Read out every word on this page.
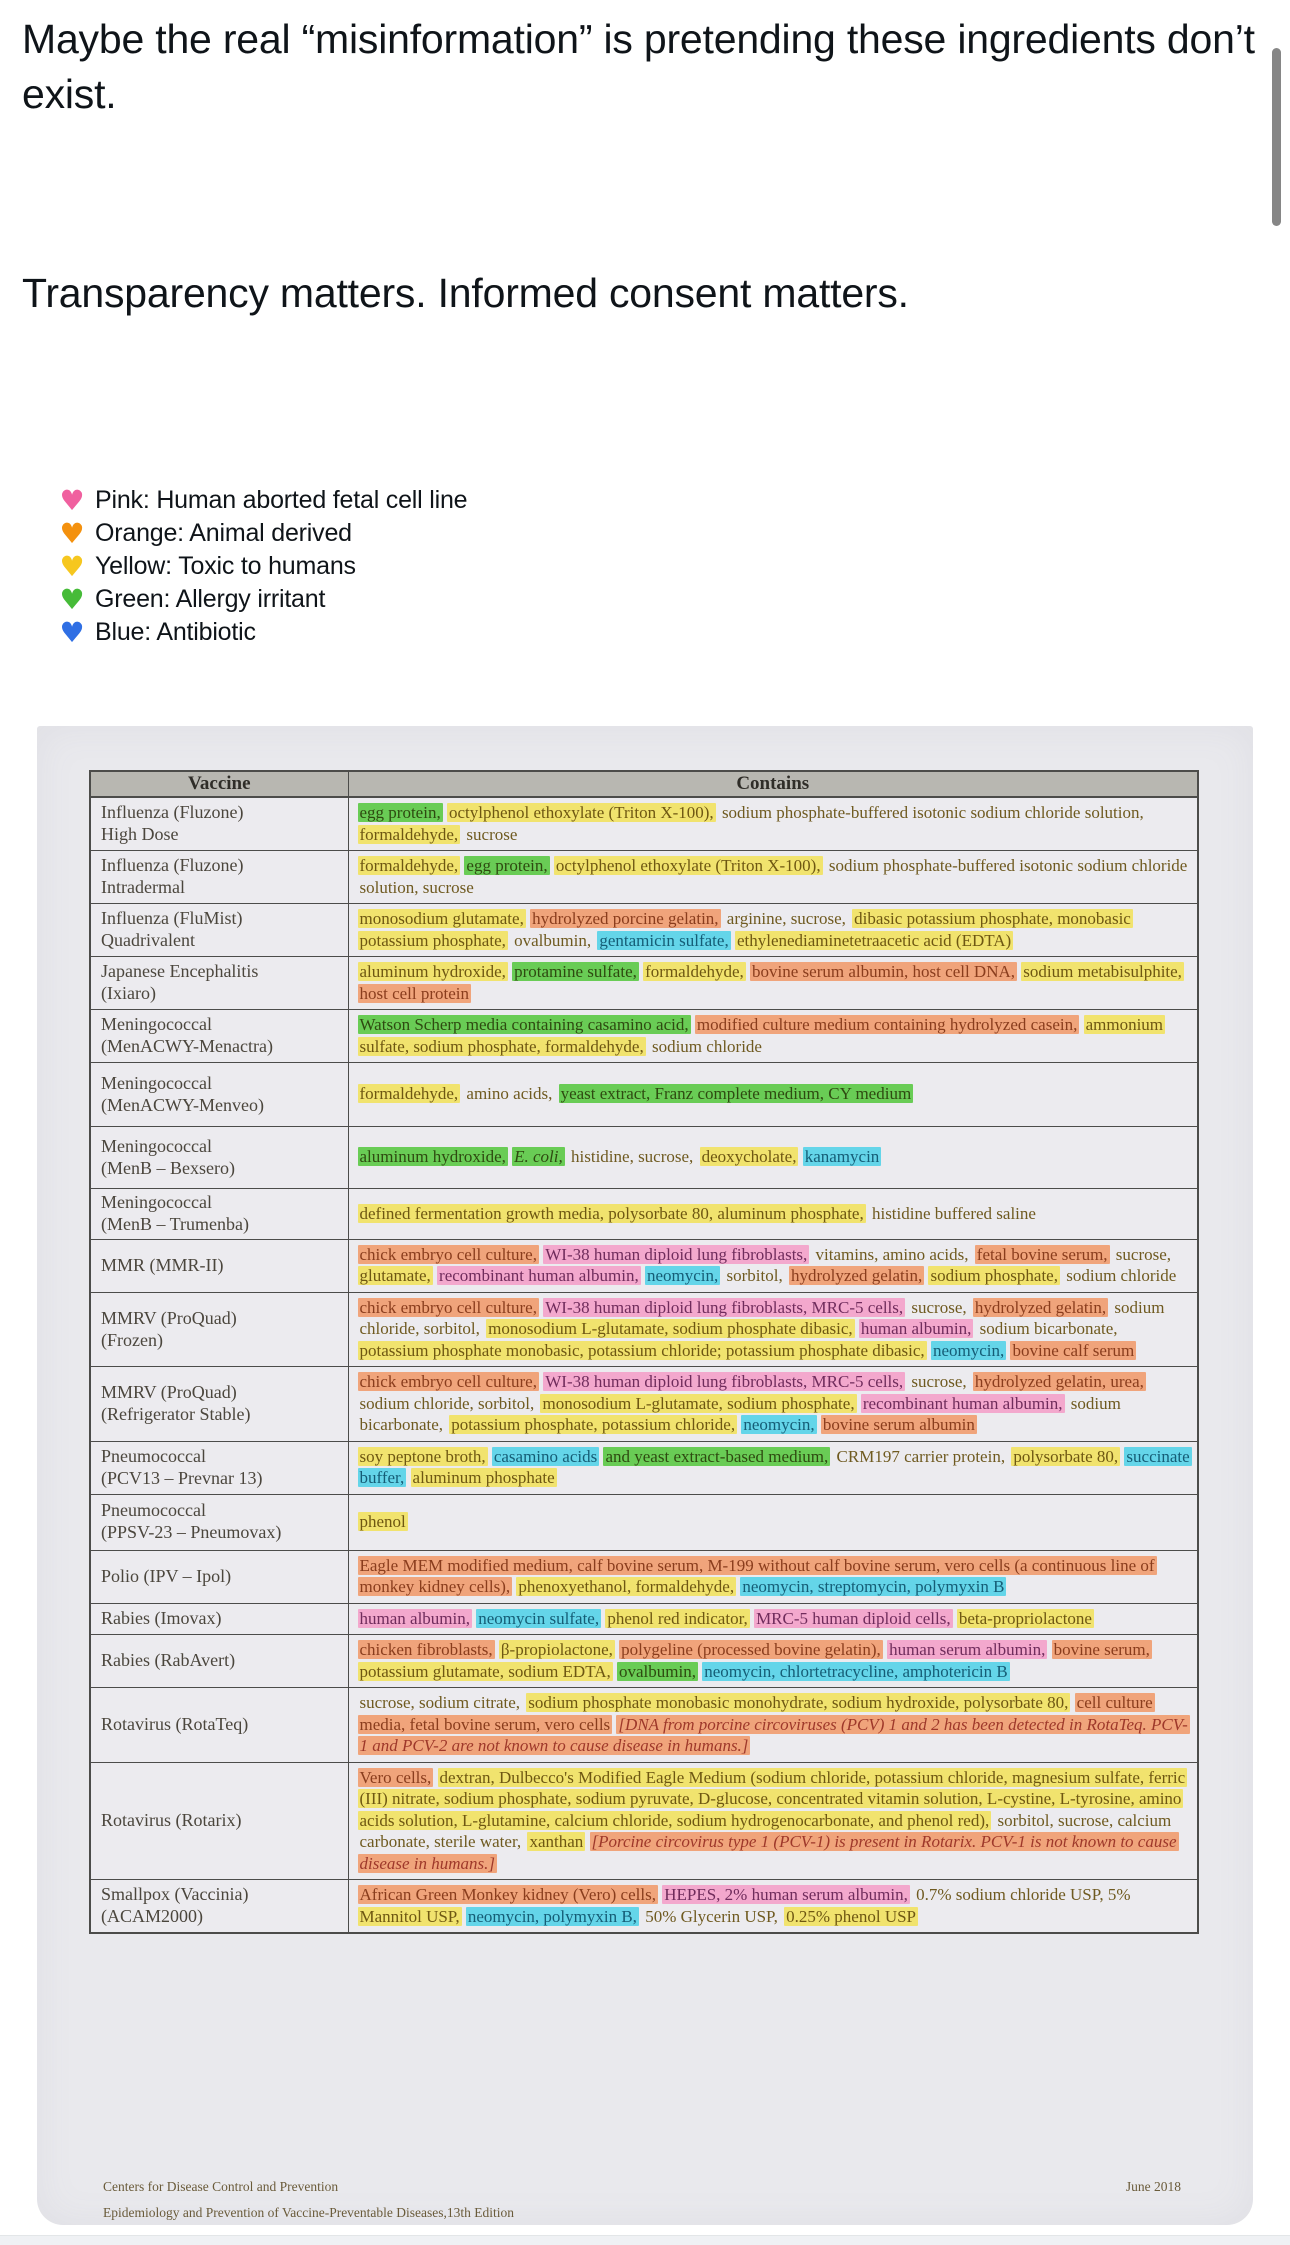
Maybe the real “misinformation” is pretending these ingredients don’t exist.
Transparency matters. Informed consent matters.
♥ Pink: Human aborted fetal cell line
♥ Orange: Animal derived
♥ Yellow: Toxic to humans
♥ Green: Allergy irritant
♥ Blue: Antibiotic
Vaccine	Contains
Influenza (Fluzone)
High Dose	egg protein, octylphenol ethoxylate (Triton X-100), sodium phosphate-buffered isotonic sodium chloride solution, formaldehyde, sucrose
Influenza (Fluzone)
Intradermal	formaldehyde, egg protein, octylphenol ethoxylate (Triton X-100), sodium phosphate-buffered isotonic sodium chloride solution, sucrose
Influenza (FluMist)
Quadrivalent	monosodium glutamate, hydrolyzed porcine gelatin, arginine, sucrose, dibasic potassium phosphate, monobasic potassium phosphate, ovalbumin, gentamicin sulfate, ethylenediaminetetraacetic acid (EDTA)
Japanese Encephalitis
(Ixiaro)	aluminum hydroxide, protamine sulfate, formaldehyde, bovine serum albumin, host cell DNA, sodium metabisulphite, host cell protein
Meningococcal
(MenACWY-Menactra)	Watson Scherp media containing casamino acid, modified culture medium containing hydrolyzed casein, ammonium sulfate, sodium phosphate, formaldehyde, sodium chloride
Meningococcal
(MenACWY-Menveo)	formaldehyde, amino acids, yeast extract, Franz complete medium, CY medium
Meningococcal
(MenB – Bexsero)	aluminum hydroxide, E. coli, histidine, sucrose, deoxycholate, kanamycin
Meningococcal
(MenB – Trumenba)	defined fermentation growth media, polysorbate 80, aluminum phosphate, histidine buffered saline
MMR (MMR-II)	chick embryo cell culture, WI-38 human diploid lung fibroblasts, vitamins, amino acids, fetal bovine serum, sucrose, glutamate, recombinant human albumin, neomycin, sorbitol, hydrolyzed gelatin, sodium phosphate, sodium chloride
MMRV (ProQuad)
(Frozen)	chick embryo cell culture, WI-38 human diploid lung fibroblasts, MRC-5 cells, sucrose, hydrolyzed gelatin, sodium chloride, sorbitol, monosodium L-glutamate, sodium phosphate dibasic, human albumin, sodium bicarbonate, potassium phosphate monobasic, potassium chloride; potassium phosphate dibasic, neomycin, bovine calf serum
MMRV (ProQuad)
(Refrigerator Stable)	chick embryo cell culture, WI-38 human diploid lung fibroblasts, MRC-5 cells, sucrose, hydrolyzed gelatin, urea, sodium chloride, sorbitol, monosodium L-glutamate, sodium phosphate, recombinant human albumin, sodium bicarbonate, potassium phosphate, potassium chloride, neomycin, bovine serum albumin
Pneumococcal
(PCV13 – Prevnar 13)	soy peptone broth, casamino acids and yeast extract-based medium, CRM197 carrier protein, polysorbate 80, succinate buffer, aluminum phosphate
Pneumococcal
(PPSV-23 – Pneumovax)	phenol
Polio (IPV – Ipol)	Eagle MEM modified medium, calf bovine serum, M-199 without calf bovine serum, vero cells (a continuous line of monkey kidney cells), phenoxyethanol, formaldehyde, neomycin, streptomycin, polymyxin B
Rabies (Imovax)	human albumin, neomycin sulfate, phenol red indicator, MRC-5 human diploid cells, beta-propriolactone
Rabies (RabAvert)	chicken fibroblasts, β-propiolactone, polygeline (processed bovine gelatin), human serum albumin, bovine serum, potassium glutamate, sodium EDTA, ovalbumin, neomycin, chlortetracycline, amphotericin B
Rotavirus (RotaTeq)	sucrose, sodium citrate, sodium phosphate monobasic monohydrate, sodium hydroxide, polysorbate 80, cell culture media, fetal bovine serum, vero cells [DNA from porcine circoviruses (PCV) 1 and 2 has been detected in RotaTeq. PCV-1 and PCV-2 are not known to cause disease in humans.]
Rotavirus (Rotarix)	Vero cells, dextran, Dulbecco's Modified Eagle Medium (sodium chloride, potassium chloride, magnesium sulfate, ferric (III) nitrate, sodium phosphate, sodium pyruvate, D-glucose, concentrated vitamin solution, L-cystine, L-tyrosine, amino acids solution, L-glutamine, calcium chloride, sodium hydrogenocarbonate, and phenol red), sorbitol, sucrose, calcium carbonate, sterile water, xanthan [Porcine circovirus type 1 (PCV-1) is present in Rotarix. PCV-1 is not known to cause disease in humans.]
Smallpox (Vaccinia)
(ACAM2000)	African Green Monkey kidney (Vero) cells, HEPES, 2% human serum albumin, 0.7% sodium chloride USP, 5% Mannitol USP, neomycin, polymyxin B, 50% Glycerin USP, 0.25% phenol USP
Centers for Disease Control and Prevention
Epidemiology and Prevention of Vaccine-Preventable Diseases,13th Edition
June 2018
